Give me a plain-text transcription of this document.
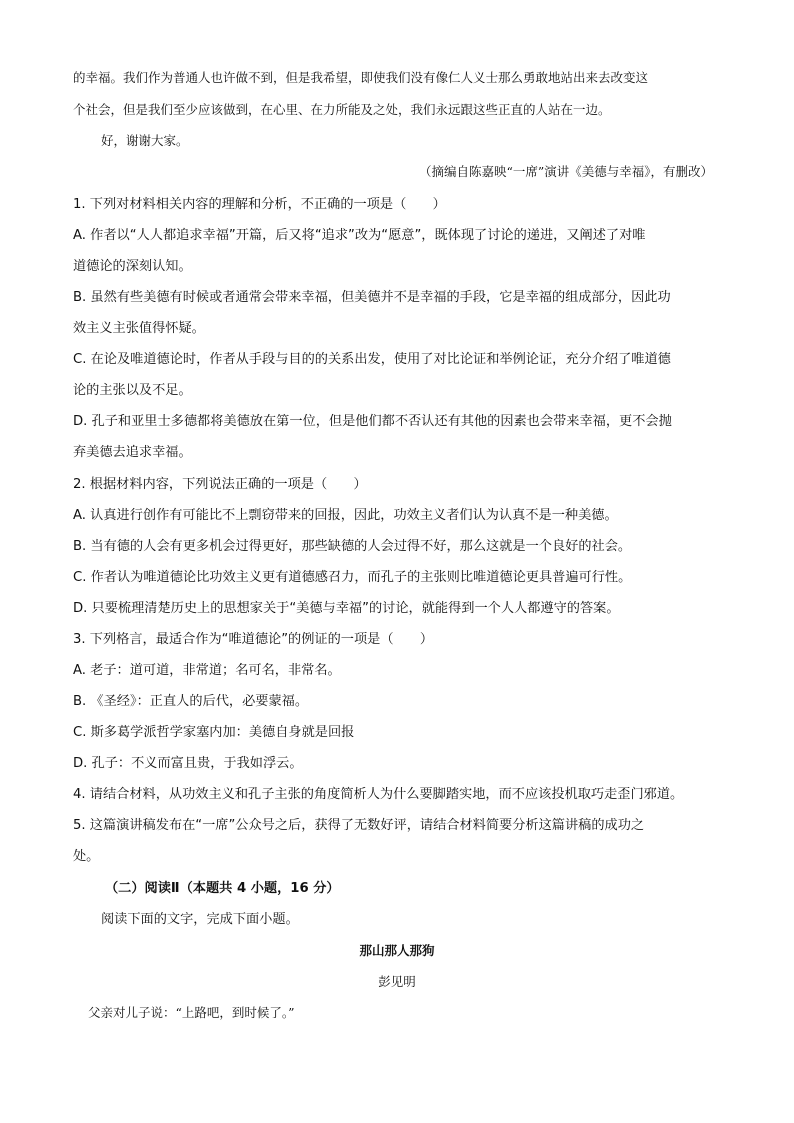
的幸福。我们作为普通人也许做不到，但是我希望，即使我们没有像仁人义士那么勇敢地站出来去改变这
个社会，但是我们至少应该做到，在心里、在力所能及之处，我们永远跟这些正直的人站在一边。
好，谢谢大家。
（摘编自陈嘉映“一席”演讲《美德与幸福》，有删改）
1. 下列对材料相关内容的理解和分析，不正确的一项是（　　）
A. 作者以“人人都追求幸福”开篇，后又将“追求”改为“愿意”，既体现了讨论的递进，又阐述了对唯
道德论的深刻认知。
B. 虽然有些美德有时候或者通常会带来幸福，但美德并不是幸福的手段，它是幸福的组成部分，因此功
效主义主张值得怀疑。
C. 在论及唯道德论时，作者从手段与目的的关系出发，使用了对比论证和举例论证，充分介绍了唯道德
论的主张以及不足。
D. 孔子和亚里士多德都将美德放在第一位，但是他们都不否认还有其他的因素也会带来幸福，更不会抛
弃美德去追求幸福。
2. 根据材料内容，下列说法正确的一项是（　　）
A. 认真进行创作有可能比不上剽窃带来的回报，因此，功效主义者们认为认真不是一种美德。
B. 当有德的人会有更多机会过得更好，那些缺德的人会过得不好，那么这就是一个良好的社会。
C. 作者认为唯道德论比功效主义更有道德感召力，而孔子的主张则比唯道德论更具普遍可行性。
D. 只要梳理清楚历史上的思想家关于“美德与幸福”的讨论，就能得到一个人人都遵守的答案。
3. 下列格言，最适合作为“唯道德论”的例证的一项是（　　）
A. 老子：道可道，非常道；名可名，非常名。
B. 《圣经》：正直人的后代，必要蒙福。
C. 斯多葛学派哲学家塞内加：美德自身就是回报
D. 孔子：不义而富且贵，于我如浮云。
4. 请结合材料，从功效主义和孔子主张的角度简析人为什么要脚踏实地，而不应该投机取巧走歪门邪道。
5. 这篇演讲稿发布在“一席”公众号之后，获得了无数好评，请结合材料简要分析这篇讲稿的成功之
处。
（二）阅读Ⅱ（本题共 4 小题，16 分）
阅读下面的文字，完成下面小题。
那山那人那狗
彭见明
父亲对儿子说：“上路吧，到时候了。”
